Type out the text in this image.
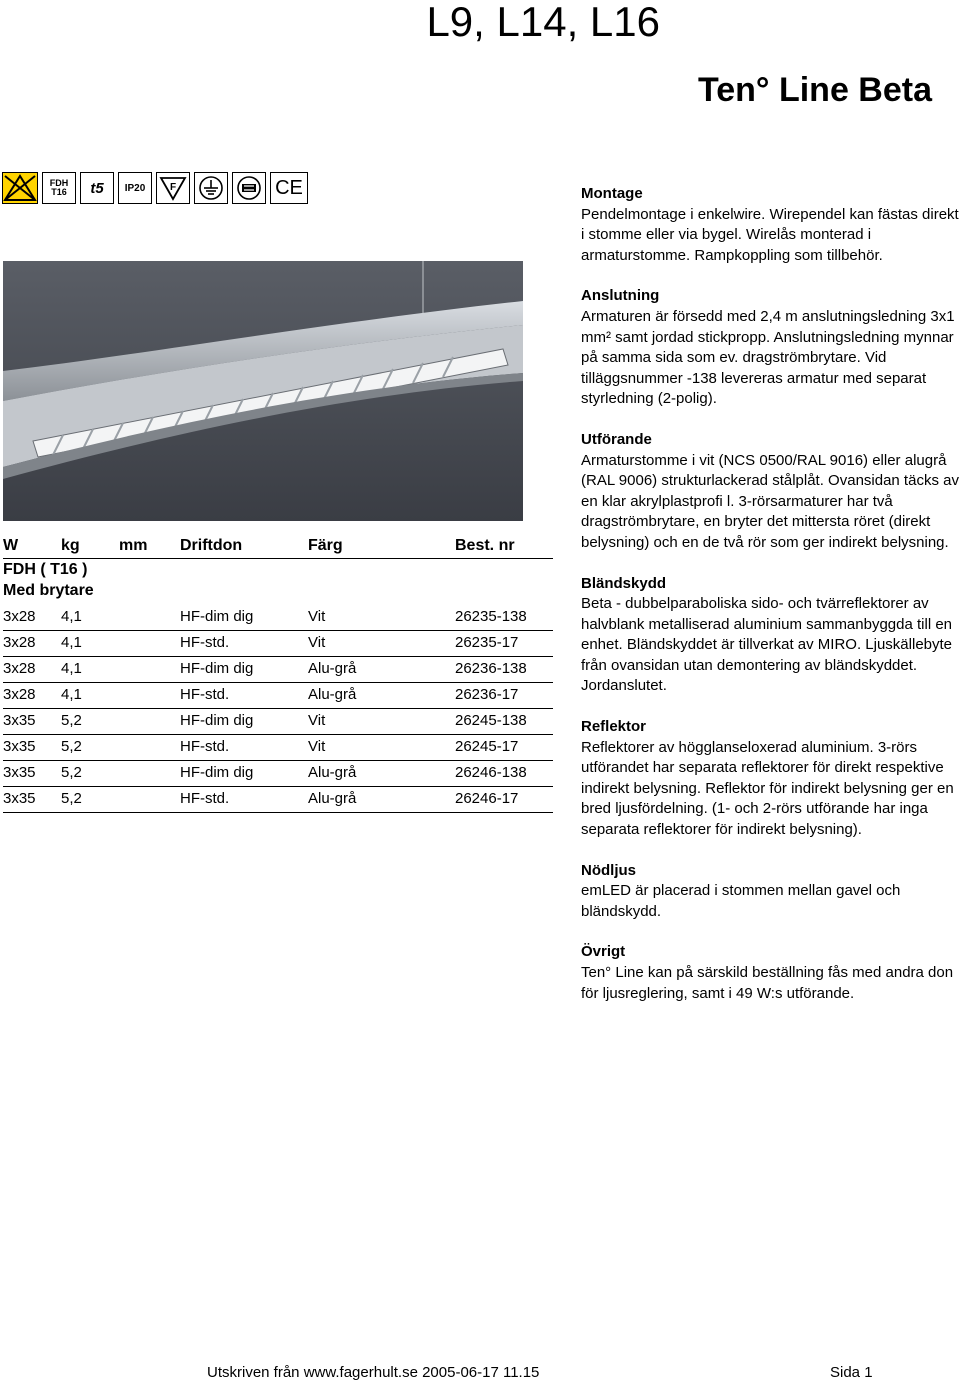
L9, L14, L16
Ten° Line Beta
FDH T16	t5 IP20 F	CE
W	kg mm Driftdon	Färg	Best. nr
FDH ( T16 )
Med brytare
3x28 4,1	HF-dim dig	Vit	26235-138
3x28 4,1	HF-std.	Vit	26235-17
3x28 4,1	HF-dim dig	Alu-grå	26236-138
3x28 4,1	HF-std.	Alu-grå	26236-17
3x35 5,2	HF-dim dig	Vit	26245-138
3x35 5,2	HF-std.	Vit	26245-17
3x35 5,2	HF-dim dig	Alu-grå	26246-138
3x35 5,2	HF-std.	Alu-grå	26246-17
Montage
Pendelmontage i enkelwire. Wirependel kan fästas direkt i stomme eller via bygel. Wirelås monterad i armaturstomme. Rampkoppling som tillbehör.
Anslutning
Armaturen är försedd med 2,4 m anslutningsledning 3x1 mm² samt jordad stickpropp. Anslutningsledning mynnar på samma sida som ev. dragströmbrytare. Vid tilläggsnummer -138 levereras armatur med separat styrledning (2-polig).
Utförande
Armaturstomme i vit (NCS 0500/RAL 9016) eller alugrå (RAL 9006) strukturlackerad stålplåt. Ovansidan täcks av en klar akrylplastprofi l. 3-rörsarmaturer har två dragströmbrytare, en bryter det mittersta röret (direkt belysning) och en de två rör som ger indirekt belysning.
Bländskydd
Beta - dubbelparaboliska sido- och tvärreflektorer av halvblank metalliserad aluminium sammanbyggda till en enhet. Bländskyddet är tillverkat av MIRO. Ljuskällebyte från ovansidan utan demontering av bländskyddet. Jordanslutet.
Reflektor
Reflektorer av högglanseloxerad aluminium. 3-rörs utförandet har separata reflektorer för direkt respektive indirekt belysning. Reflektor för indirekt belysning ger en bred ljusfördelning. (1- och 2-rörs utförande har inga separata reflektorer för indirekt belysning).
Nödljus
emLED är placerad i stommen mellan gavel och bländskydd.
Övrigt
Ten° Line kan på särskild beställning fås med andra don för ljusreglering, samt i 49 W:s utförande.
Utskriven från www.fagerhult.se 2005-06-17 11.15	Sida 1
